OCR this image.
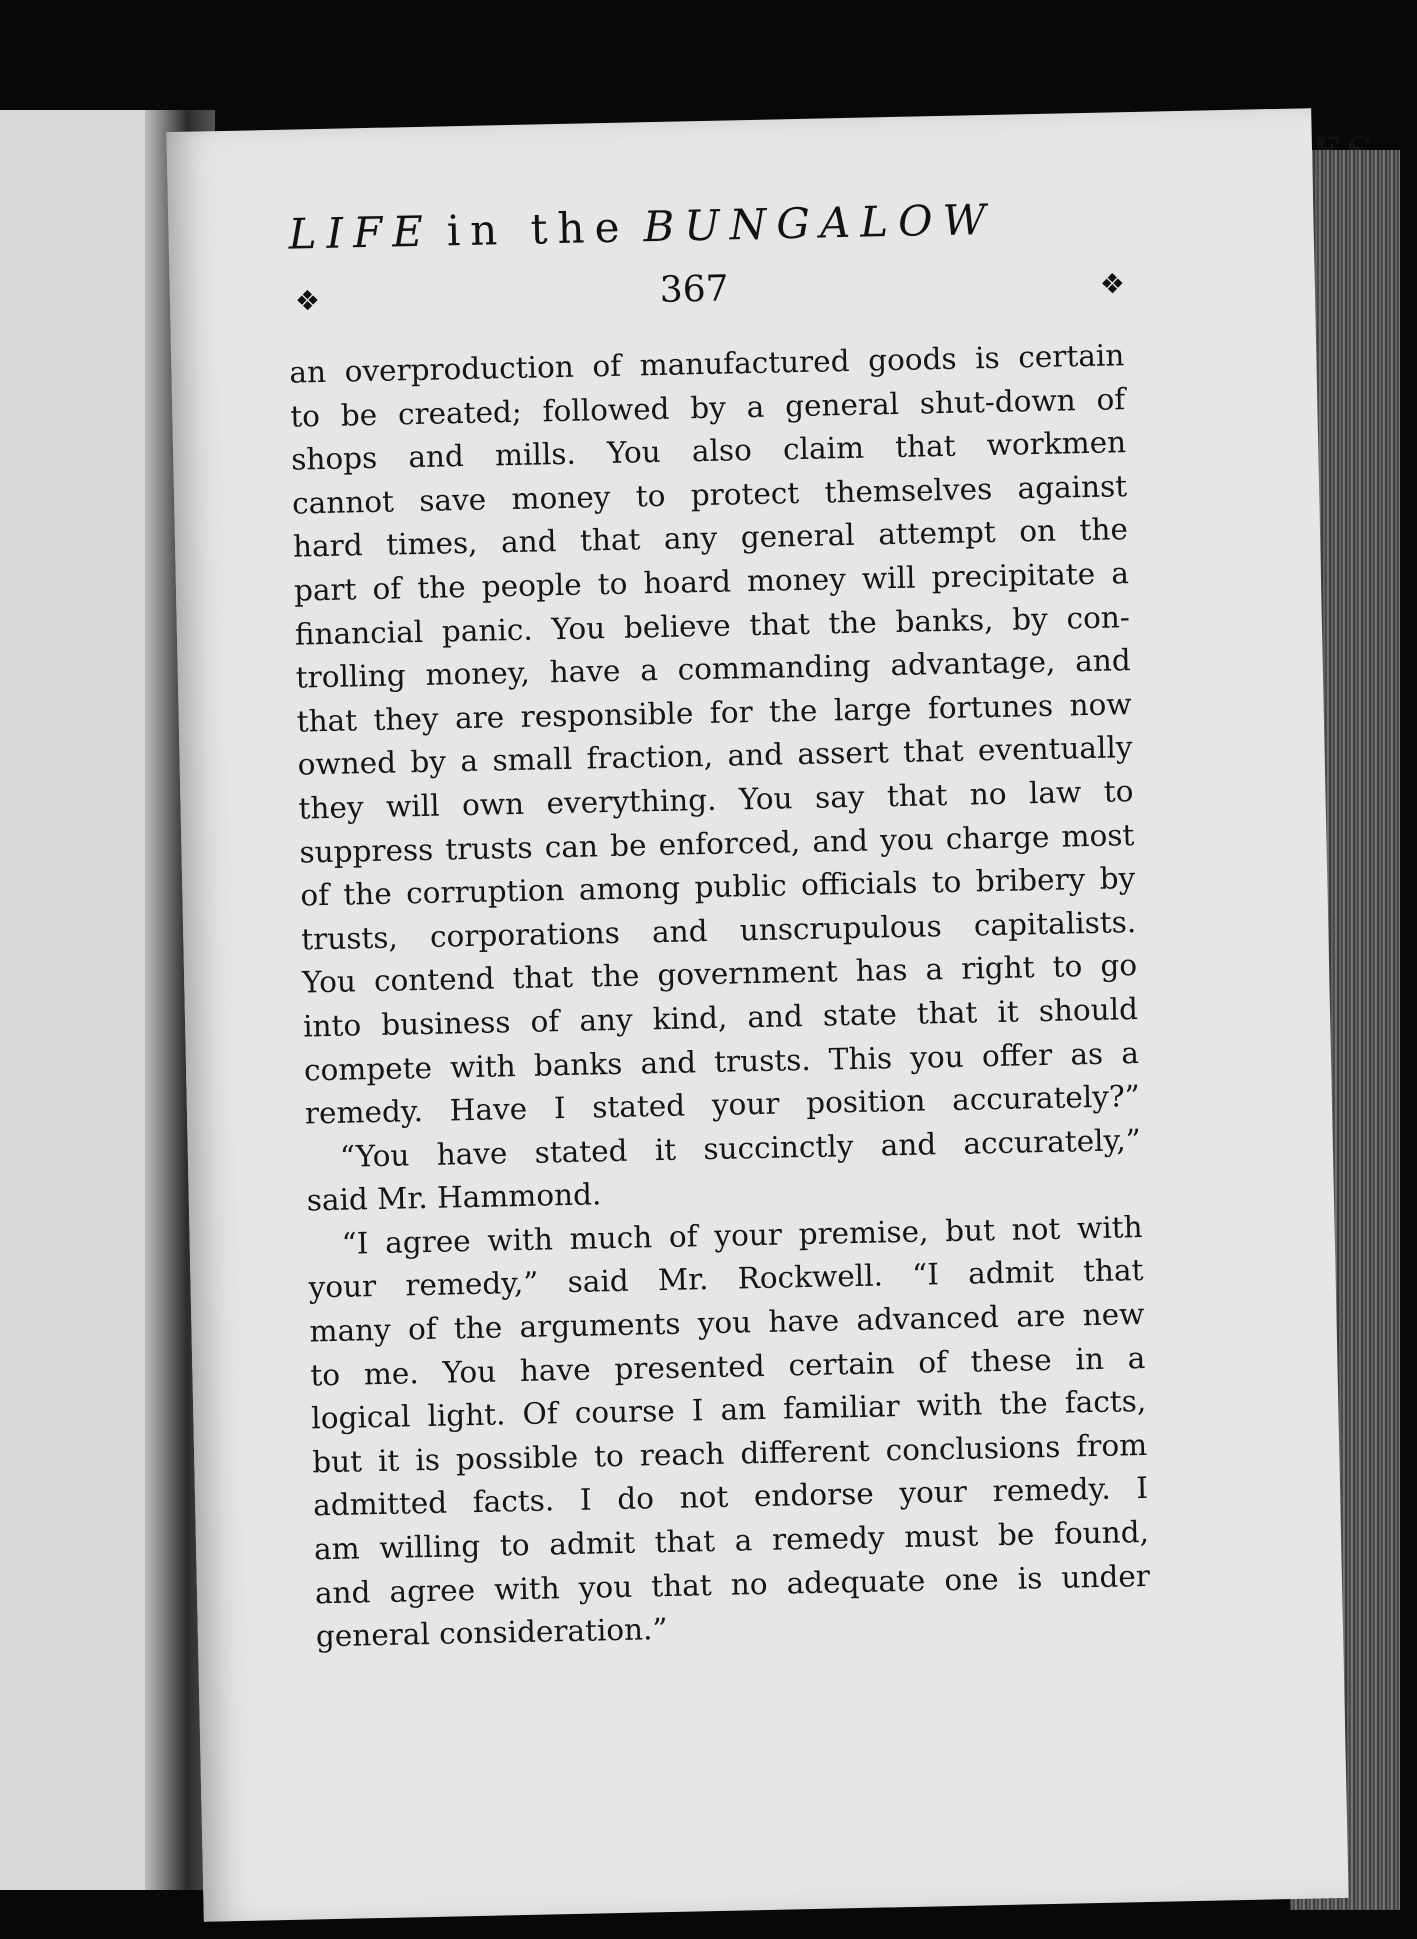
LIFE in the BUNGALOW
❖	367	❖
an overproduction of manufactured goods is certain
to be created; followed by a general shut-down of
shops and mills. You also claim that workmen
cannot save money to protect themselves against
hard times, and that any general attempt on the
part of the people to hoard money will precipitate a
financial panic. You believe that the banks, by con-
trolling money, have a commanding advantage, and
that they are responsible for the large fortunes now
owned by a small fraction, and assert that eventually
they will own everything. You say that no law to
suppress trusts can be enforced, and you charge most
of the corruption among public officials to bribery by
trusts, corporations and unscrupulous capitalists.
You contend that the government has a right to go
into business of any kind, and state that it should
compete with banks and trusts. This you offer as a
remedy. Have I stated your position accurately?”
“You have stated it succinctly and accurately,”
said Mr. Hammond.
“I agree with much of your premise, but not with
your remedy,” said Mr. Rockwell. “I admit that
many of the arguments you have advanced are new
to me. You have presented certain of these in a
logical light. Of course I am familiar with the facts,
but it is possible to reach different conclusions from
admitted facts. I do not endorse your remedy. I
am willing to admit that a remedy must be found,
and agree with you that no adequate one is under
general consideration.”
